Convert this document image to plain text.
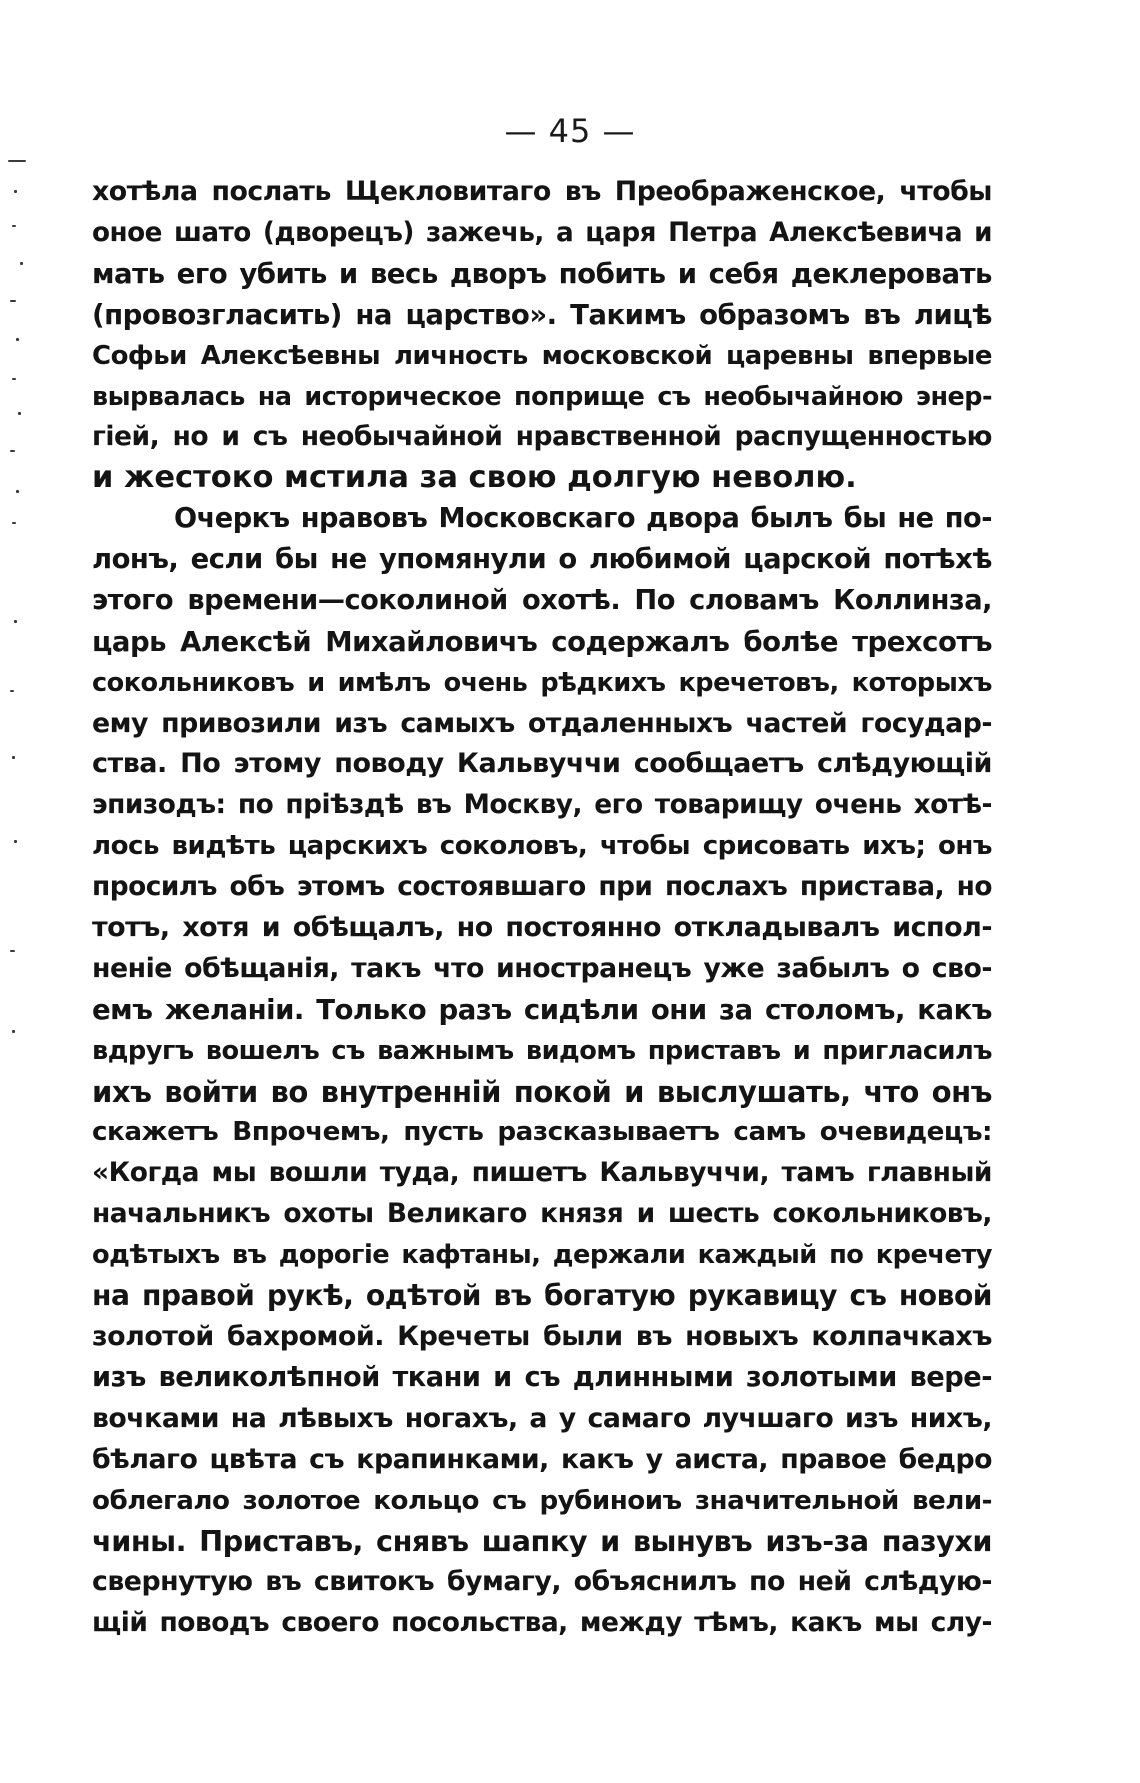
— 45 —
хотѣла послать Щекловитаго въ Преображенское, чтобы
оное шато (дворецъ) зажечь, а царя Петра Алексѣевича и
мать его убить и весь дворъ побить и себя деклеровать
(провозгласить) на царство». Такимъ образомъ въ лицѣ
Софьи Алексѣевны личность московской царевны впервые
вырвалась на историческое поприще съ необычайною энер-
гіей, но и съ необычайной нравственной распущенностью
и жестоко мстила за свою долгую неволю.
Очеркъ нравовъ Московскаго двора былъ бы не по-
лонъ, если бы не упомянули о любимой царской потѣхѣ
этого времени—соколиной охотѣ. По словамъ Коллинза,
царь Алексѣй Михайловичъ содержалъ болѣе трехсотъ
сокольниковъ и имѣлъ очень рѣдкихъ кречетовъ, которыхъ
ему привозили изъ самыхъ отдаленныхъ частей государ-
ства. По этому поводу Кальвуччи сообщаетъ слѣдующій
эпизодъ: по пріѣздѣ въ Москву, его товарищу очень хотѣ-
лось видѣть царскихъ соколовъ, чтобы срисовать ихъ; онъ
просилъ объ этомъ состоявшаго при послахъ пристава, но
тотъ, хотя и обѣщалъ, но постоянно откладывалъ испол-
неніе обѣщанія, такъ что иностранецъ уже забылъ о сво-
емъ желаніи. Только разъ сидѣли они за столомъ, какъ
вдругъ вошелъ съ важнымъ видомъ приставъ и пригласилъ
ихъ войти во внутренній покой и выслушать, что онъ
скажетъ Впрочемъ, пусть разсказываетъ самъ очевидецъ:
«Когда мы вошли туда, пишетъ Кальвуччи, тамъ главный
начальникъ охоты Великаго князя и шесть сокольниковъ,
одѣтыхъ въ дорогіе кафтаны, держали каждый по кречету
на правой рукѣ, одѣтой въ богатую рукавицу съ новой
золотой бахромой. Кречеты были въ новыхъ колпачкахъ
изъ великолѣпной ткани и съ длинными золотыми вере-
вочками на лѣвыхъ ногахъ, а у самаго лучшаго изъ нихъ,
бѣлаго цвѣта съ крапинками, какъ у аиста, правое бедро
облегало золотое кольцо съ рубиноиъ значительной вели-
чины. Приставъ, снявъ шапку и вынувъ изъ-за пазухи
свернутую въ свитокъ бумагу, объяснилъ по ней слѣдую-
щій поводъ своего посольства, между тѣмъ, какъ мы слу-
